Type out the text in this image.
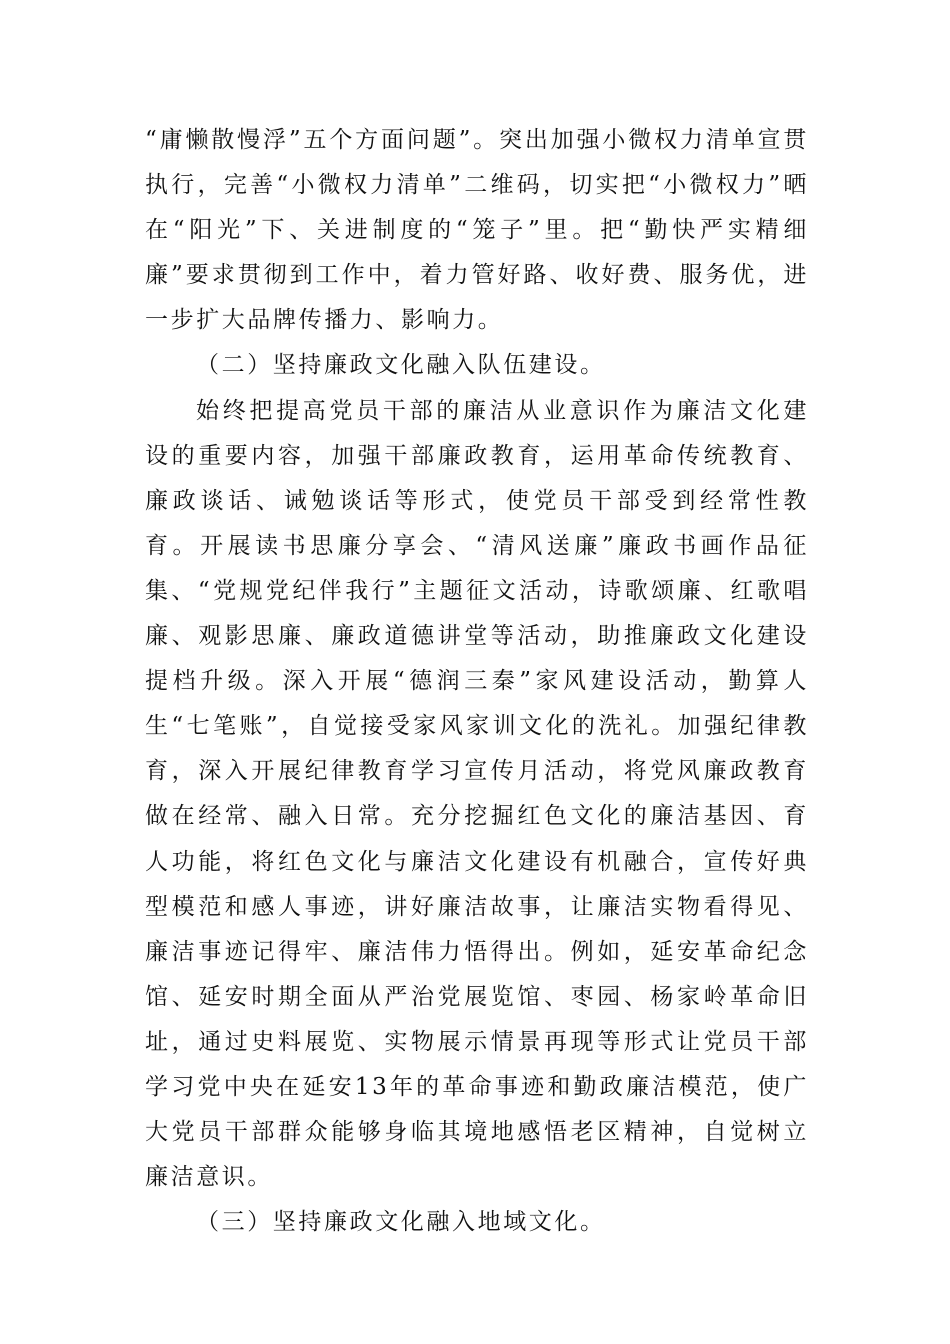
“庸懒散慢浮”五个方面问题”。突出加强小微权力清单宣贯执行，完善“小微权力清单”二维码，切实把“小微权力”晒在“阳光”下、关进制度的“笼子”里。把“勤快严实精细廉”要求贯彻到工作中，着力管好路、收好费、服务优，进一步扩大品牌传播力、影响力。

（二）坚持廉政文化融入队伍建设。

始终把提高党员干部的廉洁从业意识作为廉洁文化建设的重要内容，加强干部廉政教育，运用革命传统教育、廉政谈话、诫勉谈话等形式，使党员干部受到经常性教育。开展读书思廉分享会、“清风送廉”廉政书画作品征集、“党规党纪伴我行”主题征文活动，诗歌颂廉、红歌唱廉、观影思廉、廉政道德讲堂等活动，助推廉政文化建设提档升级。深入开展“德润三秦”家风建设活动，勤算人生“七笔账”，自觉接受家风家训文化的洗礼。加强纪律教育，深入开展纪律教育学习宣传月活动，将党风廉政教育做在经常、融入日常。充分挖掘红色文化的廉洁基因、育人功能，将红色文化与廉洁文化建设有机融合，宣传好典型模范和感人事迹，讲好廉洁故事，让廉洁实物看得见、廉洁事迹记得牢、廉洁伟力悟得出。例如，延安革命纪念馆、延安时期全面从严治党展览馆、枣园、杨家岭革命旧址，通过史料展览、实物展示情景再现等形式让党员干部学习党中央在延安13年的革命事迹和勤政廉洁模范，使广大党员干部群众能够身临其境地感悟老区精神，自觉树立廉洁意识。

（三）坚持廉政文化融入地域文化。
